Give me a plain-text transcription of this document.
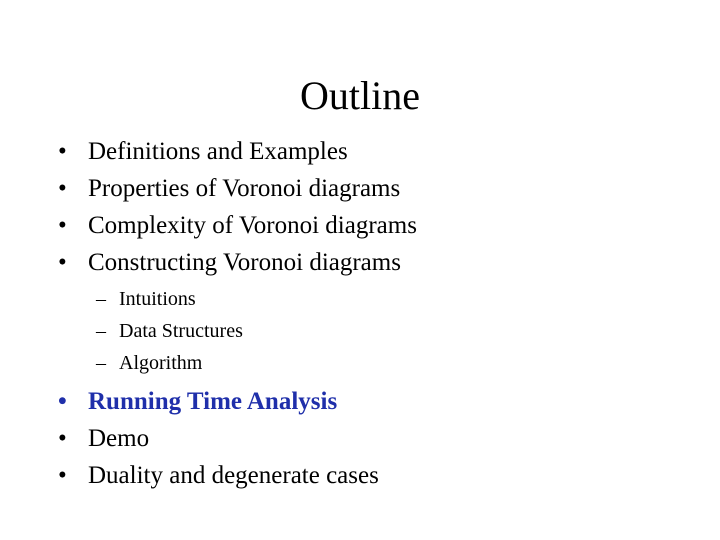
Outline
• Definitions and Examples
• Properties of Voronoi diagrams
• Complexity of Voronoi diagrams
• Constructing Voronoi diagrams
– Intuitions
– Data Structures
– Algorithm
• Running Time Analysis
• Demo
• Duality and degenerate cases
